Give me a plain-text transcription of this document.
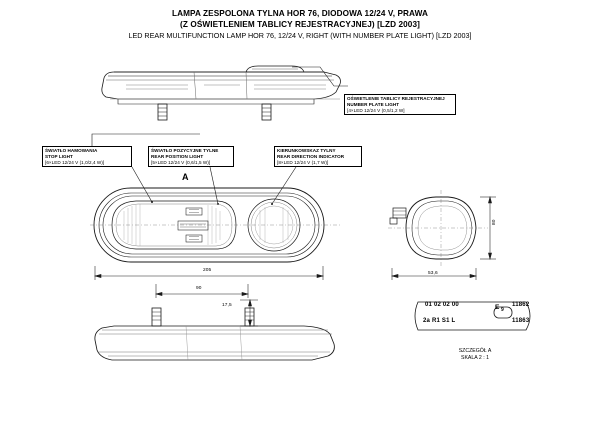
LAMPA ZESPOLONA TYLNA HOR 76, DIODOWA 12/24 V, PRAWA
(Z OŚWIETLENIEM TABLICY REJESTRACYJNEJ) [LZD 2003]
LED REAR MULTIFUNCTION LAMP HOR 76, 12/24 V, RIGHT (WITH NUMBER PLATE LIGHT) [LZD 2003]
OŚWIETLENIE TABLICY REJESTRACYJNEJ
NUMBER PLATE LIGHT
[4×LED 12/24 V (0,5/1,2 W]
ŚWIATŁO HAMOWANIA
STOP LIGHT
[6×LED 12/24 V (1,0/2,4 W)]
ŚWIATŁO POZYCYJNE TYLNE
REAR POSITION LIGHT
[5×LED 12/24 V (0,6/1,5 W)]
KIERUNKOWSKAZ TYLNY
REAR DIRECTION INDICATOR
[8×LED 12/24 V (1,7 W)]
A
205
90
17,5
80
53,6
01 02 02 00	11862
2a R1 S1 L	11863
E 9
SZCZEGÓŁ A
SKALA 2 : 1
